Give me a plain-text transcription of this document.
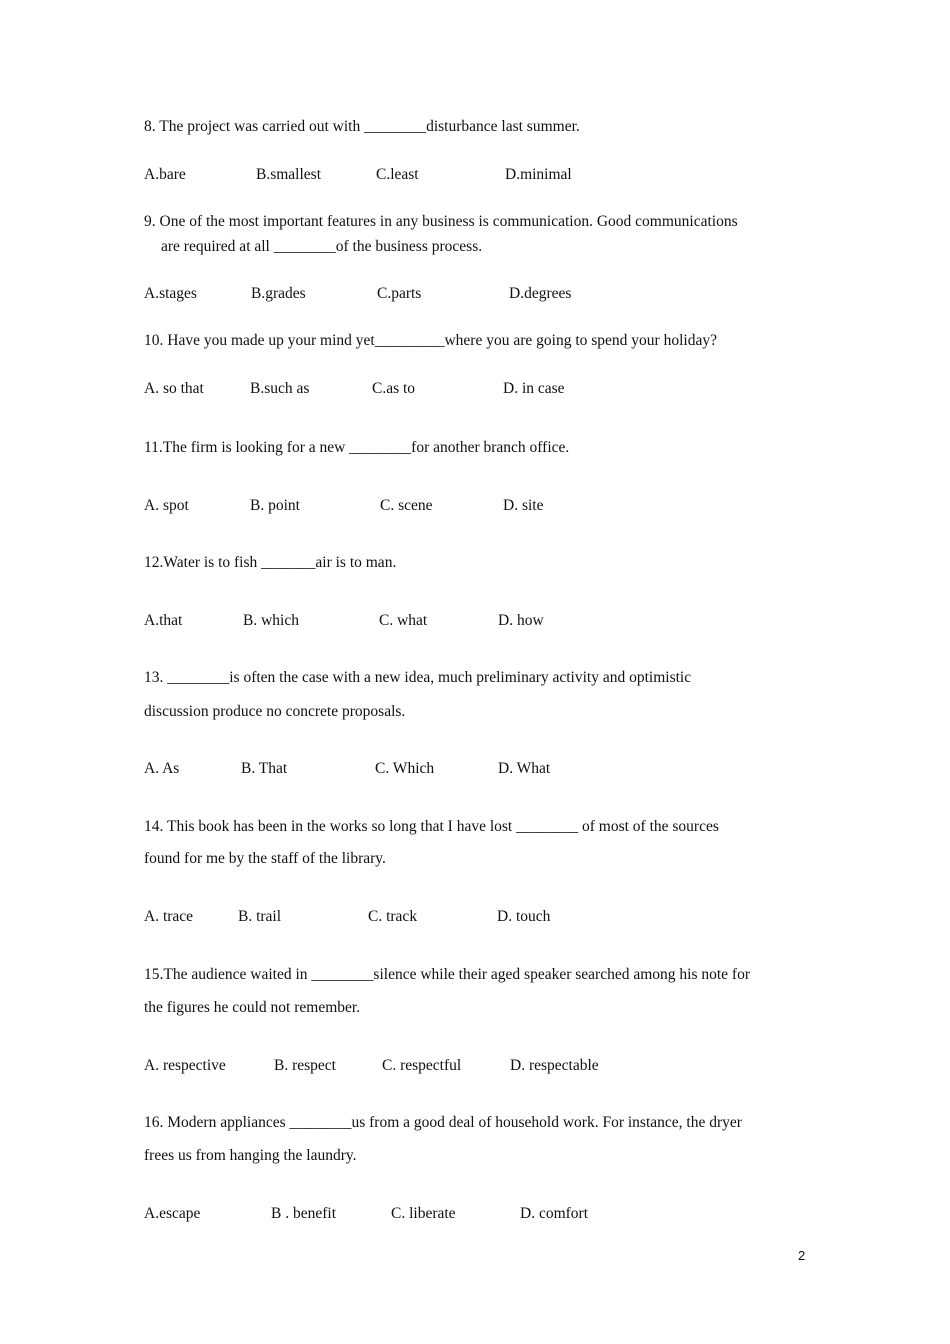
8. The project was carried out with ________disturbance last summer.
A.bare	B.smallest	C.least	D.minimal
9. One of the most important features in any business is communication. Good communications
are required at all ________of the business process.
A.stages	B.grades	C.parts	D.degrees
10. Have you made up your mind yet_________where you are going to spend your holiday?
A. so that	B.such as	C.as to	D. in case
11.The firm is looking for a new ________for another branch office.
A. spot	B. point	C. scene	D. site
12.Water is to fish _______air is to man.
A.that	B. which	C. what	D. how
13. ________is often the case with a new idea, much preliminary activity and optimistic
discussion produce no concrete proposals.
A. As	B. That	C. Which	D. What
14. This book has been in the works so long that I have lost ________ of most of the sources
found for me by the staff of the library.
A. trace	B. trail	C. track	D. touch
15.The audience waited in ________silence while their aged speaker searched among his note for
the figures he could not remember.
A. respective	B. respect	C. respectful	D. respectable
16. Modern appliances ________us from a good deal of household work. For instance, the dryer
frees us from hanging the laundry.
A.escape	B . benefit	C. liberate	D. comfort
2
